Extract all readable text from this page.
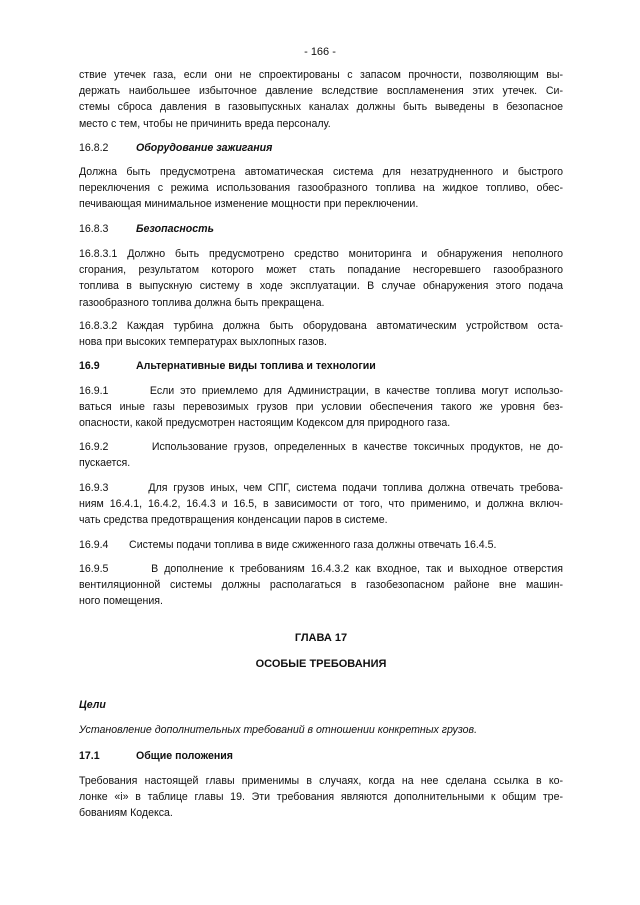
- 166 -
ствие утечек газа, если они не спроектированы с запасом прочности, позволяющим вы-
держать наибольшее избыточное давление вследствие воспламенения этих утечек. Си-
стемы сброса давления в газовыпускных каналах должны быть выведены в безопасное
место с тем, чтобы не причинить вреда персоналу.
16.8.2	Оборудование зажигания
Должна быть предусмотрена автоматическая система для незатрудненного и быстрого
переключения с режима использования газообразного топлива на жидкое топливо, обес-
печивающая минимальное изменение мощности при переключении.
16.8.3	Безопасность
16.8.3.1 Должно быть предусмотрено средство мониторинга и обнаружения неполного
сгорания, результатом которого может стать попадание несгоревшего газообразного
топлива в выпускную систему в ходе эксплуатации. В случае обнаружения этого подача
газообразного топлива должна быть прекращена.
16.8.3.2 Каждая турбина должна быть оборудована автоматическим устройством оста-
нова при высоких температурах выхлопных газов.
16.9	Альтернативные виды топлива и технологии
16.9.1       Если это приемлемо для Администрации, в качестве топлива могут использо-
ваться иные газы перевозимых грузов при условии обеспечения такого же уровня без-
опасности, какой предусмотрен настоящим Кодексом для природного газа.
16.9.2       Использование грузов, определенных в качестве токсичных продуктов, не до-
пускается.
16.9.3       Для грузов иных, чем СПГ, система подачи топлива должна отвечать требова-
ниям 16.4.1, 16.4.2, 16.4.3 и 16.5, в зависимости от того, что применимо, и должна включ-
чать средства предотвращения конденсации паров в системе.
16.9.4       Системы подачи топлива в виде сжиженного газа должны отвечать 16.4.5.
16.9.5       В дополнение к требованиям 16.4.3.2 как входное, так и выходное отверстия
вентиляционной системы должны располагаться в газобезопасном районе вне машин-
ного помещения.
ГЛАВА 17
ОСОБЫЕ ТРЕБОВАНИЯ
Цели
Установление дополнительных требований в отношении конкретных грузов.
17.1	Общие положения
Требования настоящей главы применимы в случаях, когда на нее сделана ссылка в ко-
лонке «i» в таблице главы 19. Эти требования являются дополнительными к общим тре-
бованиям Кодекса.
